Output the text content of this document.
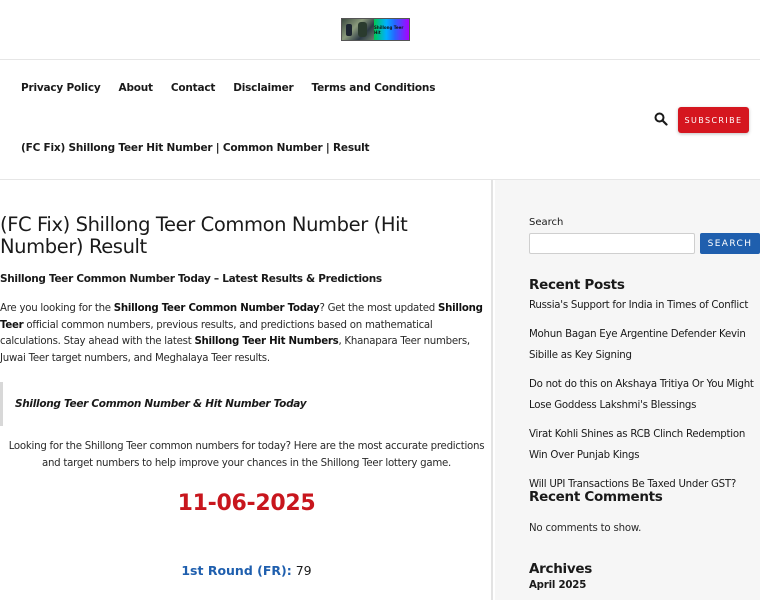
Shillong Teer Hit
Privacy Policy About Contact Disclaimer Terms and Conditions
(FC Fix) Shillong Teer Hit Number | Common Number | Result
SUBSCRIBE
(FC Fix) Shillong Teer Common Number (Hit Number) Result
Shillong Teer Common Number Today – Latest Results & Predictions

Are you looking for the Shillong Teer Common Number Today? Get the most updated Shillong Teer official common numbers, previous results, and predictions based on mathematical calculations. Stay ahead with the latest Shillong Teer Hit Numbers, Khanapara Teer numbers, Juwai Teer target numbers, and Meghalaya Teer results.

Shillong Teer Common Number & Hit Number Today

Looking for the Shillong Teer common numbers for today? Here are the most accurate predictions and target numbers to help improve your chances in the Shillong Teer lottery game.

11-06-2025
1st Round (FR): 79
Search
SEARCH
Recent Posts
Russia's Support for India in Times of Conflict
Mohun Bagan Eye Argentine Defender Kevin Sibille as Key Signing
Do not do this on Akshaya Tritiya Or You Might Lose Goddess Lakshmi's Blessings
Virat Kohli Shines as RCB Clinch Redemption Win Over Punjab Kings
Will UPI Transactions Be Taxed Under GST?
Recent Comments

No comments to show.

Archives
April 2025
